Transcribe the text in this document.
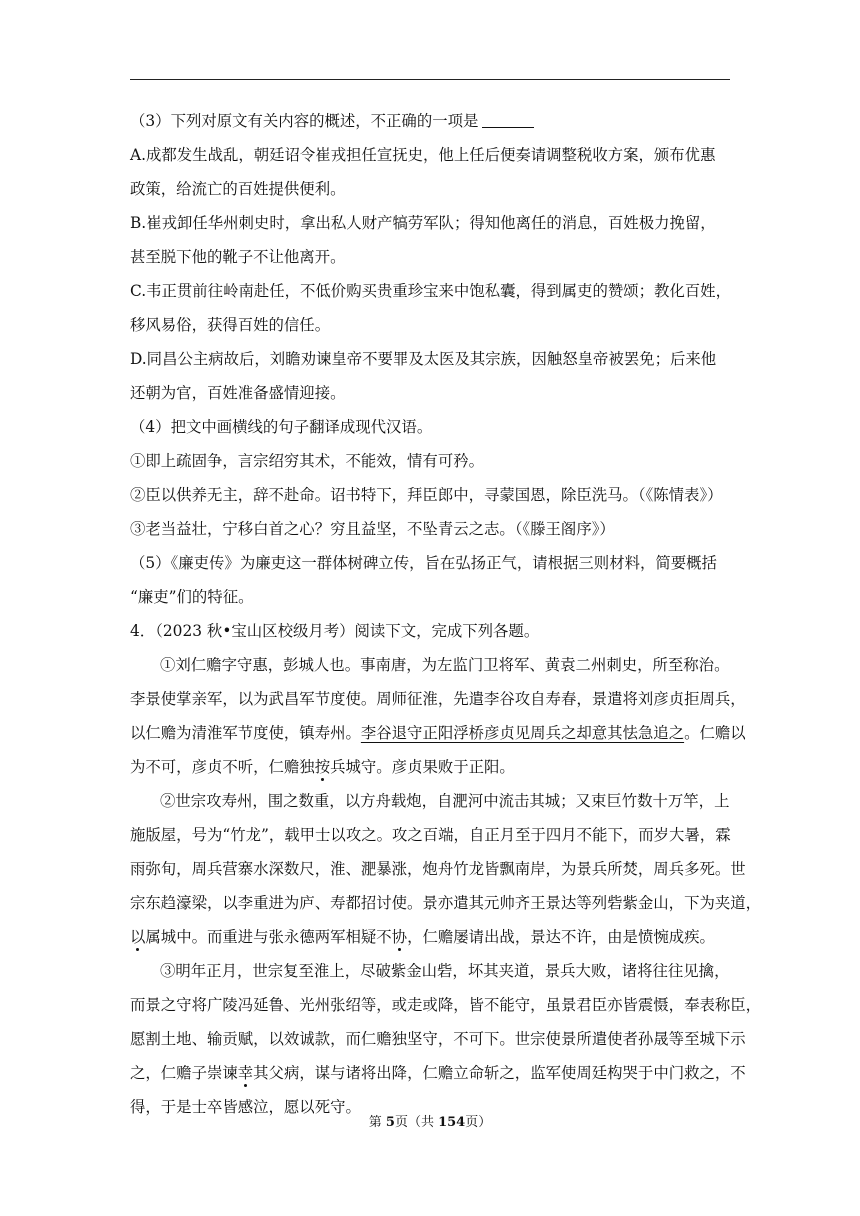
（3）下列对原文有关内容的概述，不正确的一项是
A.成都发生战乱，朝廷诏令崔戎担任宣抚史，他上任后便奏请调整税收方案，颁布优惠
政策，给流亡的百姓提供便利。
B.崔戎卸任华州刺史时，拿出私人财产犒劳军队；得知他离任的消息，百姓极力挽留，
甚至脱下他的靴子不让他离开。
C.韦正贯前往岭南赴任，不低价购买贵重珍宝来中饱私囊，得到属吏的赞颂；教化百姓，
移风易俗，获得百姓的信任。
D.同昌公主病故后，刘瞻劝谏皇帝不要罪及太医及其宗族，因触怒皇帝被罢免；后来他
还朝为官，百姓准备盛情迎接。
（4）把文中画横线的句子翻译成现代汉语。
①即上疏固争，言宗绍穷其术，不能效，情有可矜。
②臣以供养无主，辞不赴命。诏书特下，拜臣郎中，寻蒙国恩，除臣洗马。（《陈情表》）
③老当益壮，宁移白首之心？穷且益坚，不坠青云之志。（《滕王阁序》）
（5）《廉吏传》为廉吏这一群体树碑立传，旨在弘扬正气，请根据三则材料，简要概括
“廉吏”们的特征。
4．（2023 秋•宝山区校级月考）阅读下文，完成下列各题。
①刘仁赡字守惠，彭城人也。事南唐，为左监门卫将军、黄袁二州刺史，所至称治。
李景使掌亲军，以为武昌军节度使。周师征淮，先遣李谷攻自寿春，景遣将刘彦贞拒周兵，
以仁赡为清淮军节度使，镇寿州。李谷退守正阳浮桥彦贞见周兵之却意其怯急追之。仁赡以
为不可，彦贞不听，仁赡独按兵城守。彦贞果败于正阳。
②世宗攻寿州，围之数重，以方舟载炮，自淝河中流击其城；又束巨竹数十万竿，上
施版屋，号为“竹龙”，载甲士以攻之。攻之百端，自正月至于四月不能下，而岁大暑，霖
雨弥旬，周兵营寨水深数尺，淮、淝暴涨，炮舟竹龙皆飘南岸，为景兵所焚，周兵多死。世
宗东趋濠梁，以李重进为庐、寿都招讨使。景亦遣其元帅齐王景达等列砦紫金山，下为夹道，
以属城中。而重进与张永德两军相疑不协，仁赡屡请出战，景达不许，由是愤惋成疾。
③明年正月，世宗复至淮上，尽破紫金山砦，坏其夹道，景兵大败，诸将往往见擒，
而景之守将广陵冯延鲁、光州张绍等，或走或降，皆不能守，虽景君臣亦皆震慑，奉表称臣，
愿割土地、输贡赋，以效诚款，而仁赡独坚守，不可下。世宗使景所遣使者孙晟等至城下示
之，仁赡子崇谏幸其父病，谋与诸将出降，仁赡立命斩之，监军使周廷构哭于中门救之，不
得，于是士卒皆感泣，愿以死守。
第 5页（共 154页）
